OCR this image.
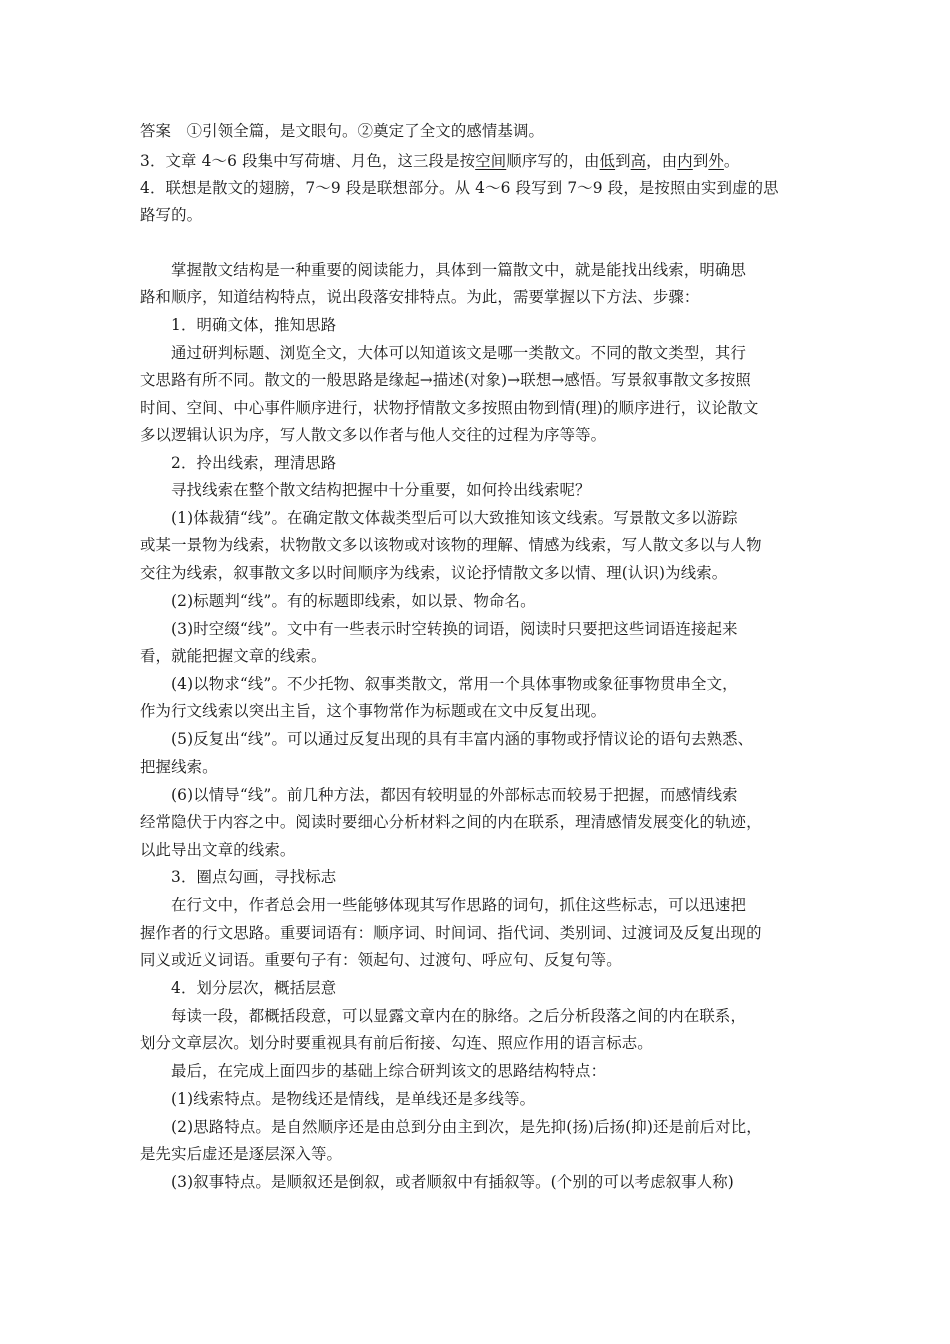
答案　①引领全篇，是文眼句。②奠定了全文的感情基调。
3．文章 4～6 段集中写荷塘、月色，这三段是按空间顺序写的，由低到高，由内到外。
4．联想是散文的翅膀，7～9 段是联想部分。从 4～6 段写到 7～9 段，是按照由实到虚的思
路写的。
掌握散文结构是一种重要的阅读能力，具体到一篇散文中，就是能找出线索，明确思
路和顺序，知道结构特点，说出段落安排特点。为此，需要掌握以下方法、步骤：
1．明确文体，推知思路
通过研判标题、浏览全文，大体可以知道该文是哪一类散文。不同的散文类型，其行
文思路有所不同。散文的一般思路是缘起→描述(对象)→联想→感悟。写景叙事散文多按照
时间、空间、中心事件顺序进行，状物抒情散文多按照由物到情(理)的顺序进行，议论散文
多以逻辑认识为序，写人散文多以作者与他人交往的过程为序等等。
2．拎出线索，理清思路
寻找线索在整个散文结构把握中十分重要，如何拎出线索呢？
(1)体裁猜“线”。在确定散文体裁类型后可以大致推知该文线索。写景散文多以游踪
或某一景物为线索，状物散文多以该物或对该物的理解、情感为线索，写人散文多以与人物
交往为线索，叙事散文多以时间顺序为线索，议论抒情散文多以情、理(认识)为线索。
(2)标题判“线”。有的标题即线索，如以景、物命名。
(3)时空缀“线”。文中有一些表示时空转换的词语，阅读时只要把这些词语连接起来
看，就能把握文章的线索。
(4)以物求“线”。不少托物、叙事类散文，常用一个具体事物或象征事物贯串全文，
作为行文线索以突出主旨，这个事物常作为标题或在文中反复出现。
(5)反复出“线”。可以通过反复出现的具有丰富内涵的事物或抒情议论的语句去熟悉、
把握线索。
(6)以情导“线”。前几种方法，都因有较明显的外部标志而较易于把握，而感情线索
经常隐伏于内容之中。阅读时要细心分析材料之间的内在联系，理清感情发展变化的轨迹，
以此导出文章的线索。
3．圈点勾画，寻找标志
在行文中，作者总会用一些能够体现其写作思路的词句，抓住这些标志，可以迅速把
握作者的行文思路。重要词语有：顺序词、时间词、指代词、类别词、过渡词及反复出现的
同义或近义词语。重要句子有：领起句、过渡句、呼应句、反复句等。
4．划分层次，概括层意
每读一段，都概括段意，可以显露文章内在的脉络。之后分析段落之间的内在联系，
划分文章层次。划分时要重视具有前后衔接、勾连、照应作用的语言标志。
最后，在完成上面四步的基础上综合研判该文的思路结构特点：
(1)线索特点。是物线还是情线，是单线还是多线等。
(2)思路特点。是自然顺序还是由总到分由主到次，是先抑(扬)后扬(抑)还是前后对比，
是先实后虚还是逐层深入等。
(3)叙事特点。是顺叙还是倒叙，或者顺叙中有插叙等。(个别的可以考虑叙事人称)
